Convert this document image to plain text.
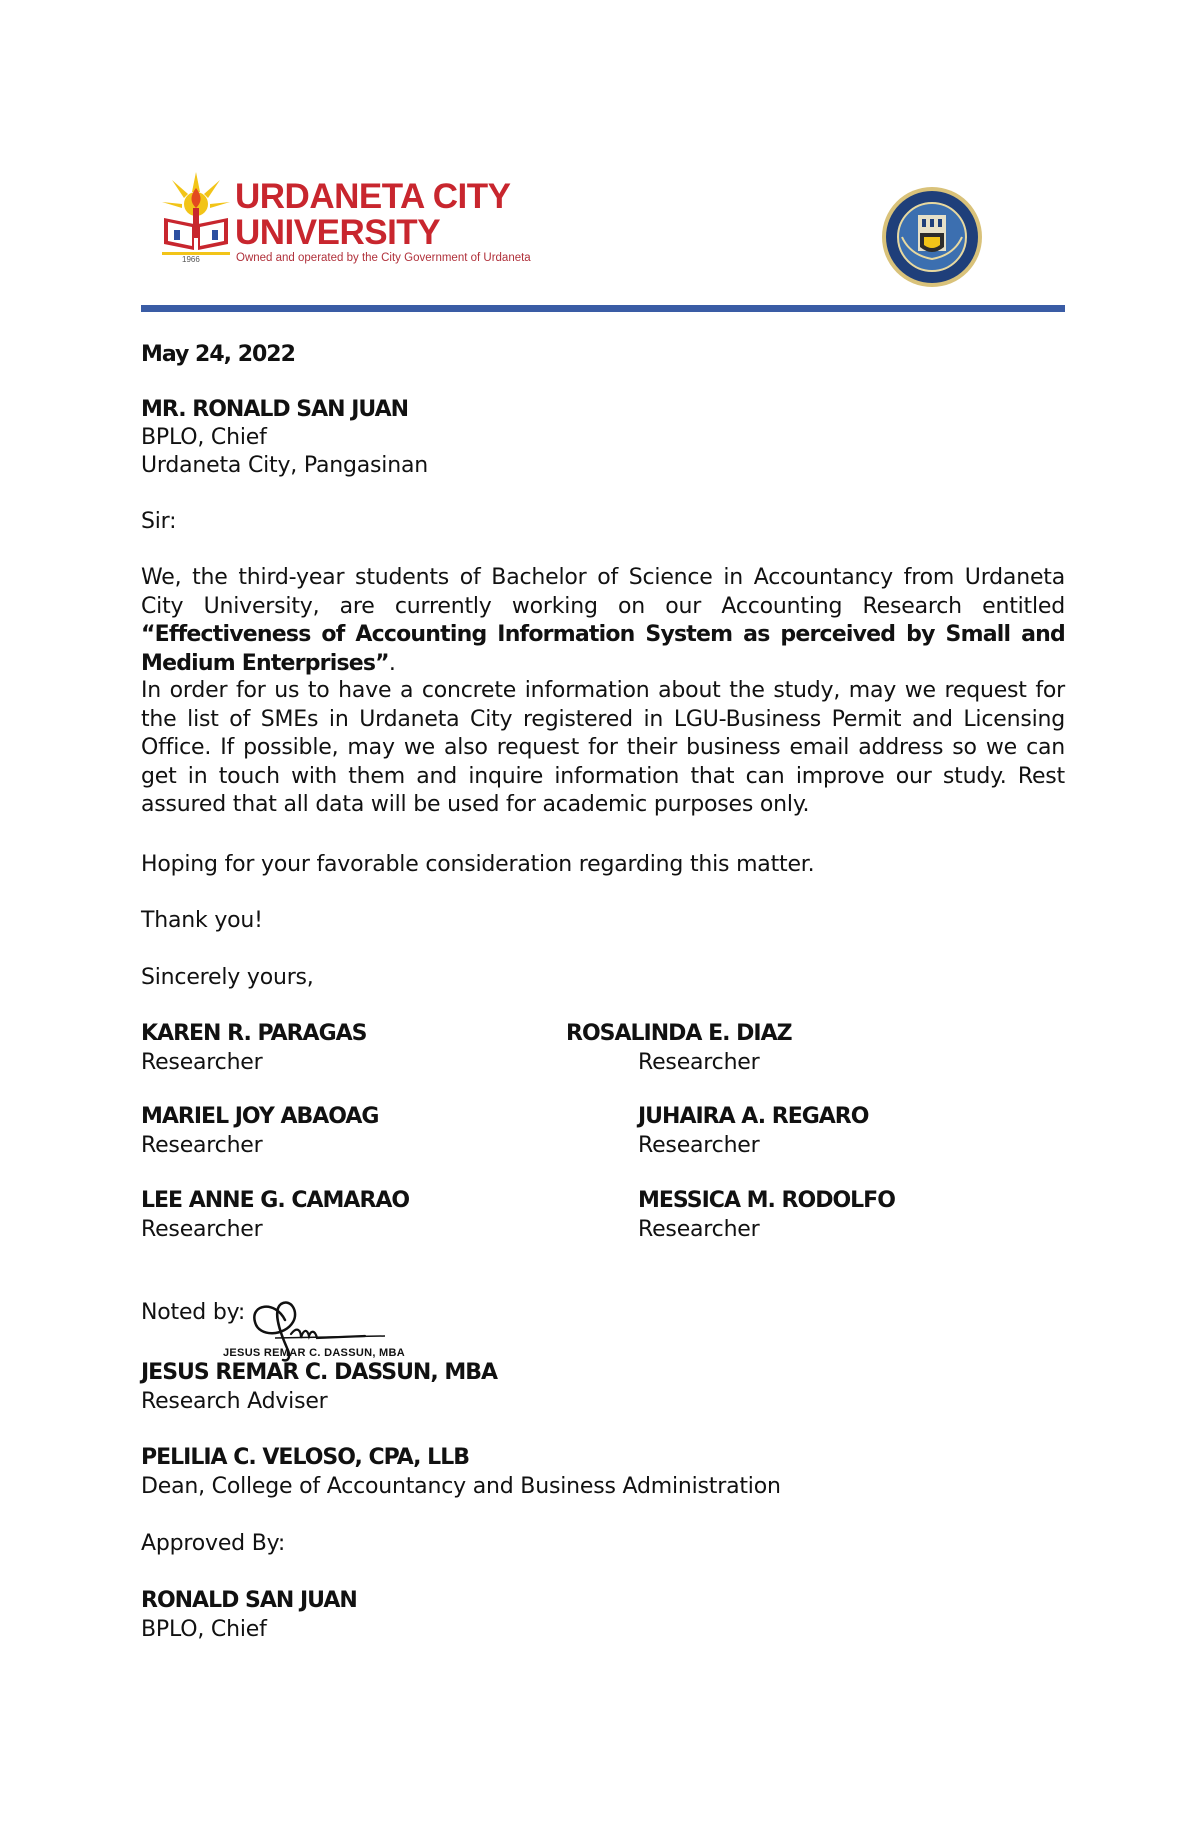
1966
URDANETA CITY
UNIVERSITY
Owned and operated by the City Government of Urdaneta
May 24, 2022
MR. RONALD SAN JUAN
BPLO, Chief
Urdaneta City, Pangasinan
Sir:
We, the third-year students of Bachelor of Science in Accountancy from Urdaneta City University, are currently working on our Accounting Research entitled “Effectiveness of Accounting Information System as perceived by Small and Medium Enterprises”.
In order for us to have a concrete information about the study, may we request for the list of SMEs in Urdaneta City registered in LGU-Business Permit and Licensing Office. If possible, may we also request for their business email address so we can get in touch with them and inquire information that can improve our study. Rest assured that all data will be used for academic purposes only.
Hoping for your favorable consideration regarding this matter.
Thank you!
Sincerely yours,
KAREN R. PARAGAS
Researcher
ROSALINDA E. DIAZ
Researcher
MARIEL JOY ABAOAG
Researcher
JUHAIRA A. REGARO
Researcher
LEE ANNE G. CAMARAO
Researcher
MESSICA M. RODOLFO
Researcher
Noted by:
JESUS REMAR C. DASSUN, MBA
JESUS REMAR C. DASSUN, MBA
Research Adviser
PELILIA C. VELOSO, CPA, LLB
Dean, College of Accountancy and Business Administration
Approved By:
RONALD SAN JUAN
BPLO, Chief
